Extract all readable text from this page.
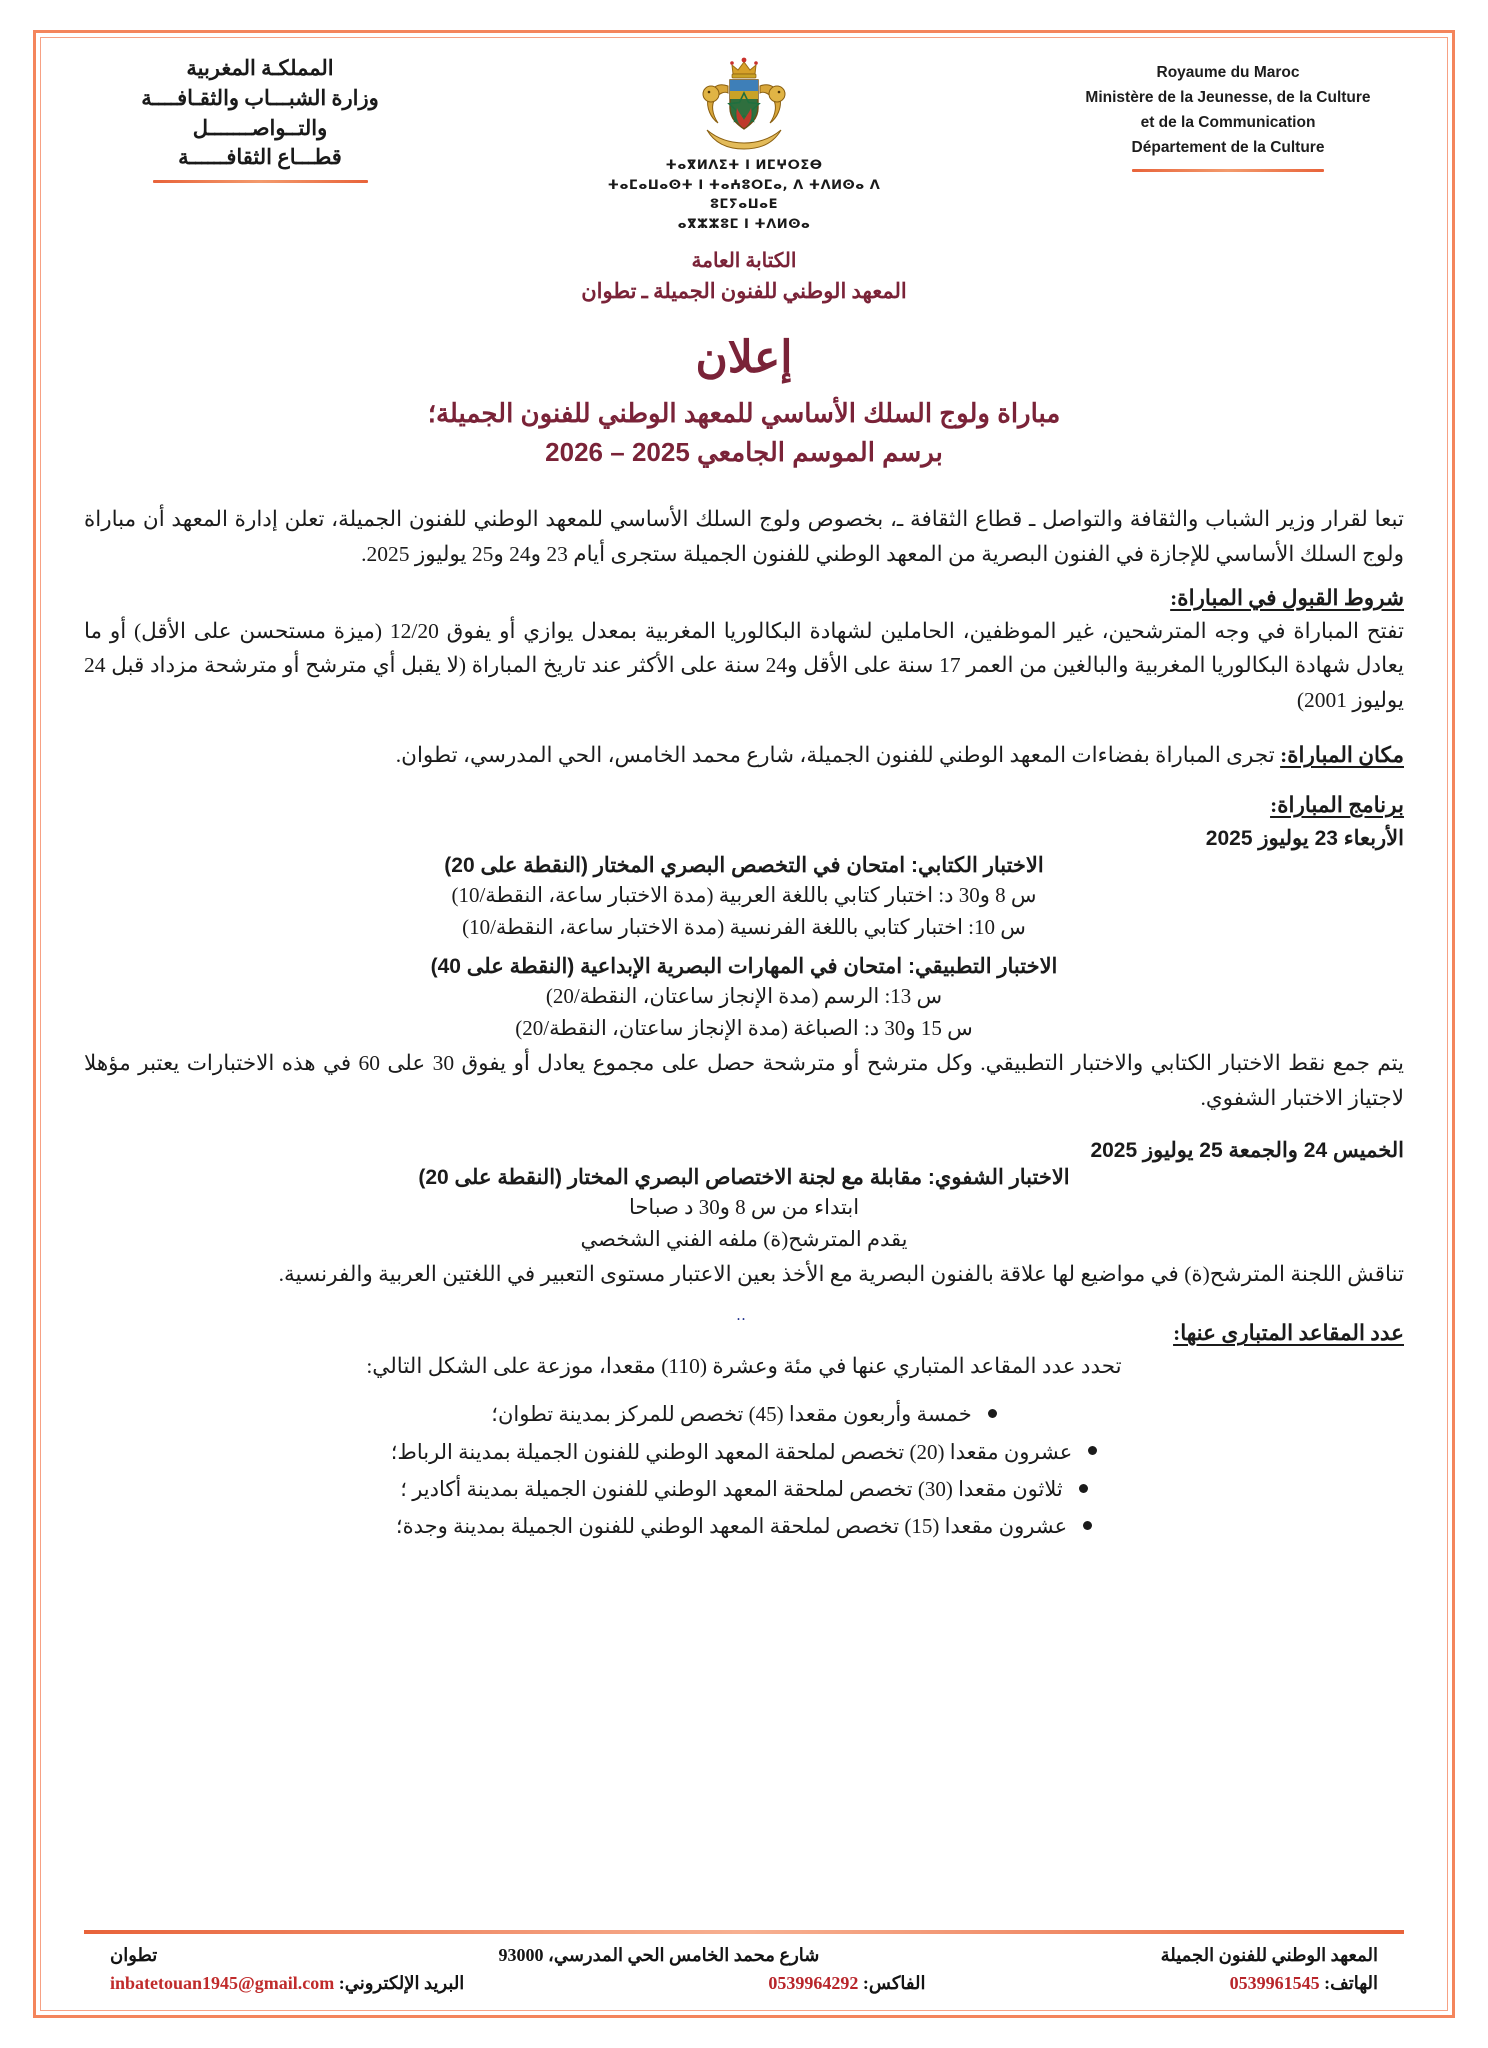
المملكـة المغربية
وزارة الشبـــاب والثقـافــــة
والتــواصـــــــل
قطـــاع الثقافــــــة	ⵜⴰⴳⵍⴷⵉⵜ ⵏ ⵍⵎⵖⵔⵉⴱ
ⵜⴰⵎⴰⵡⴰⵙⵜ ⵏ ⵜⴰⵄⵓⵔⵎⴰ, ⴷ ⵜⴷⵍⵙⴰ ⴷ ⵓⵎⵢⴰⵡⴰⴹ
ⴰⴳⵣⵣⵓⵎ ⵏ ⵜⴷⵍⵙⴰ
Royaume du Maroc
Ministère de la Jeunesse, de la Culture
et de la Communication
Département de la Culture
الكتابة العامة
المعهد الوطني للفنون الجميلة ـ تطوان
إعلان
مباراة ولوج السلك الأساسي للمعهد الوطني للفنون الجميلة؛
برسم الموسم الجامعي 2025 – 2026

تبعا لقرار وزير الشباب والثقافة والتواصل ـ قطاع الثقافة ـ، بخصوص ولوج السلك الأساسي للمعهد الوطني للفنون الجميلة، تعلن إدارة المعهد أن مباراة ولوج السلك الأساسي للإجازة في الفنون البصرية من المعهد الوطني للفنون الجميلة ستجرى أيام 23 و24 و25 يوليوز 2025.

شروط القبول في المباراة:

تفتح المباراة في وجه المترشحين، غير الموظفين، الحاملين لشهادة البكالوريا المغربية بمعدل يوازي أو يفوق 12/20 (ميزة مستحسن على الأقل) أو ما يعادل شهادة البكالوريا المغربية والبالغين من العمر 17 سنة على الأقل و24 سنة على الأكثر عند تاريخ المباراة (لا يقبل أي مترشح أو مترشحة مزداد قبل 24 يوليوز 2001)

مكان المباراة: تجرى المباراة بفضاءات المعهد الوطني للفنون الجميلة، شارع محمد الخامس، الحي المدرسي، تطوان.

برنامج المباراة:
الأربعاء 23 يوليوز 2025
الاختبار الكتابي: امتحان في التخصص البصري المختار (النقطة على 20)
س 8 و30 د: اختبار كتابي باللغة العربية (مدة الاختبار ساعة، النقطة/10)
س 10: اختبار كتابي باللغة الفرنسية (مدة الاختبار ساعة، النقطة/10)
الاختبار التطبيقي: امتحان في المهارات البصرية الإبداعية (النقطة على 40)
س 13: الرسم (مدة الإنجاز ساعتان، النقطة/20)
س 15 و30 د: الصباغة (مدة الإنجاز ساعتان، النقطة/20)

يتم جمع نقط الاختبار الكتابي والاختبار التطبيقي. وكل مترشح أو مترشحة حصل على مجموع يعادل أو يفوق 30 على 60 في هذه الاختبارات يعتبر مؤهلا لاجتياز الاختبار الشفوي.

الخميس 24 والجمعة 25 يوليوز 2025
الاختبار الشفوي: مقابلة مع لجنة الاختصاص البصري المختار (النقطة على 20)
ابتداء من س 8 و30 د صباحا
يقدم المترشح(ة) ملفه الفني الشخصي

تناقش اللجنة المترشح(ة) في مواضيع لها علاقة بالفنون البصرية مع الأخذ بعين الاعتبار مستوى التعبير في اللغتين العربية والفرنسية.

‥
عدد المقاعد المتبارى عنها:

تحدد عدد المقاعد المتباري عنها في مئة وعشرة (110) مقعدا، موزعة على الشكل التالي:

خمسة وأربعون مقعدا (45) تخصص للمركز بمدينة تطوان؛
عشرون مقعدا (20) تخصص لملحقة المعهد الوطني للفنون الجميلة بمدينة الرباط؛
ثلاثون مقعدا (30) تخصص لملحقة المعهد الوطني للفنون الجميلة بمدينة أكادير ؛
عشرون مقعدا (15) تخصص لملحقة المعهد الوطني للفنون الجميلة بمدينة وجدة؛
المعهد الوطني للفنون الجميلة
شارع محمد الخامس الحي المدرسي، 93000
تطوان
الهاتف: 0539961545
الفاكس: 0539964292
البريد الإلكتروني: inbatetouan1945@gmail.com
